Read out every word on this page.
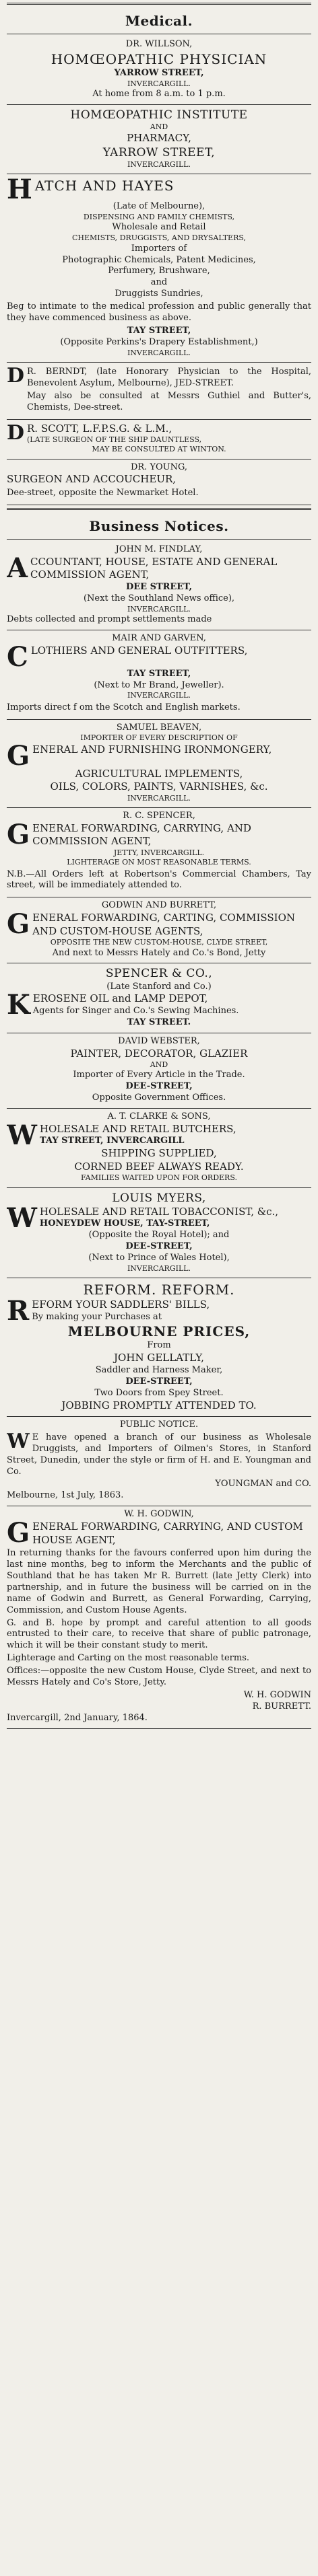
Medical.
DR. WILLSON,
HOMŒOPATHIC PHYSICIAN
YARROW STREET,
INVERCARGILL.
At home from 8 a.m. to 1 p.m.
HOMŒOPATHIC INSTITUTE
AND
PHARMACY,
YARROW STREET,
INVERCARGILL.
H ATCH AND HAYES
(Late of Melbourne),
DISPENSING AND FAMILY CHEMISTS,
Wholesale and Retail
CHEMISTS, DRUGGISTS, AND DRYSALTERS,
Importers of
Photographic Chemicals, Patent Medicines,
Perfumery, Brushware,
and
Druggists Sundries,
Beg to intimate to the medical profession and public generally that they have commenced business as above.
TAY STREET,
(Opposite Perkins's Drapery Establishment,)
INVERCARGILL.
D R. BERNDT, (late Honorary Physician to the Hospital, Benevolent Asylum, Melbourne), JED-STREET.
May also be consulted at Messrs Guthiel and Butter's, Chemists, Dee-street.
D R. SCOTT, L.F.P.S.G. & L.M.,
(LATE SURGEON OF THE SHIP DAUNTLESS,
MAY BE CONSULTED AT WINTON.
DR. YOUNG,
SURGEON AND ACCOUCHEUR,
Dee-street, opposite the Newmarket Hotel.
Business Notices.
JOHN M. FINDLAY,
A CCOUNTANT, HOUSE, ESTATE AND GENERAL COMMISSION AGENT,
DEE STREET,
(Next the Southland News office),
INVERCARGILL.
Debts collected and prompt settlements made
MAIR AND GARVEN,
C LOTHIERS AND GENERAL OUTFITTERS,
TAY STREET,
(Next to Mr Brand, Jeweller).
INVERCARGILL.
Imports direct f om the Scotch and English markets.
SAMUEL BEAVEN,
IMPORTER OF EVERY DESCRIPTION OF
G ENERAL AND FURNISHING IRONMONGERY,
AGRICULTURAL IMPLEMENTS,
OILS, COLORS, PAINTS, VARNISHES, &c.
INVERCARGILL.
R. C. SPENCER,
G ENERAL FORWARDING, CARRYING, AND COMMISSION AGENT,
JETTY, INVERCARGILL.
LIGHTERAGE ON MOST REASONABLE TERMS.
N.B.—All Orders left at Robertson's Commercial Chambers, Tay street, will be immediately attended to.
GODWIN AND BURRETT,
G ENERAL FORWARDING, CARTING, COMMISSION AND CUSTOM-HOUSE AGENTS,
OPPOSITE THE NEW CUSTOM-HOUSE, CLYDE STREET,
And next to Messrs Hately and Co.'s Bond, Jetty
SPENCER & CO.,
(Late Stanford and Co.)
K EROSENE OIL and LAMP DEPOT,
Agents for Singer and Co.'s Sewing Machines.
TAY STREET.
DAVID WEBSTER,
PAINTER, DECORATOR, GLAZIER
AND
Importer of Every Article in the Trade.
DEE-STREET,
Opposite Government Offices.
A. T. CLARKE & SONS,
W HOLESALE AND RETAIL BUTCHERS,
TAY STREET, INVERCARGILL
SHIPPING SUPPLIED,
CORNED BEEF ALWAYS READY.
FAMILIES WAITED UPON FOR ORDERS.
LOUIS MYERS,
W HOLESALE AND RETAIL TOBACCONIST, &c.,
HONEYDEW HOUSE, TAY-STREET,
(Opposite the Royal Hotel); and
DEE-STREET,
(Next to Prince of Wales Hotel),
INVERCARGILL.
REFORM. REFORM.
R EFORM YOUR SADDLERS' BILLS,
By making your Purchases at
MELBOURNE PRICES,
From
JOHN GELLATLY,
Saddler and Harness Maker,
DEE-STREET,
Two Doors from Spey Street.
JOBBING PROMPTLY ATTENDED TO.
PUBLIC NOTICE.
W E have opened a branch of our business as Wholesale Druggists, and Importers of Oilmen's Stores, in Stanford Street, Dunedin, under the style or firm of H. and E. Youngman and Co.
YOUNGMAN and CO.
Melbourne, 1st July, 1863.
W. H. GODWIN,
G ENERAL FORWARDING, CARRYING, AND CUSTOM HOUSE AGENT,
In returning thanks for the favours conferred upon him during the last nine months, beg to inform the Merchants and the public of Southland that he has taken Mr R. Burrett (late Jetty Clerk) into partnership, and in future the business will be carried on in the name of Godwin and Burrett, as General Forwarding, Carrying, Commission, and Custom House Agents.
G. and B. hope by prompt and careful attention to all goods entrusted to their care, to receive that share of public patronage, which it will be their constant study to merit.
Lighterage and Carting on the most reasonable terms.
Offices:—opposite the new Custom House, Clyde Street, and next to Messrs Hately and Co's Store, Jetty.
W. H. GODWIN
R. BURRETT.
Invercargill, 2nd January, 1864.
